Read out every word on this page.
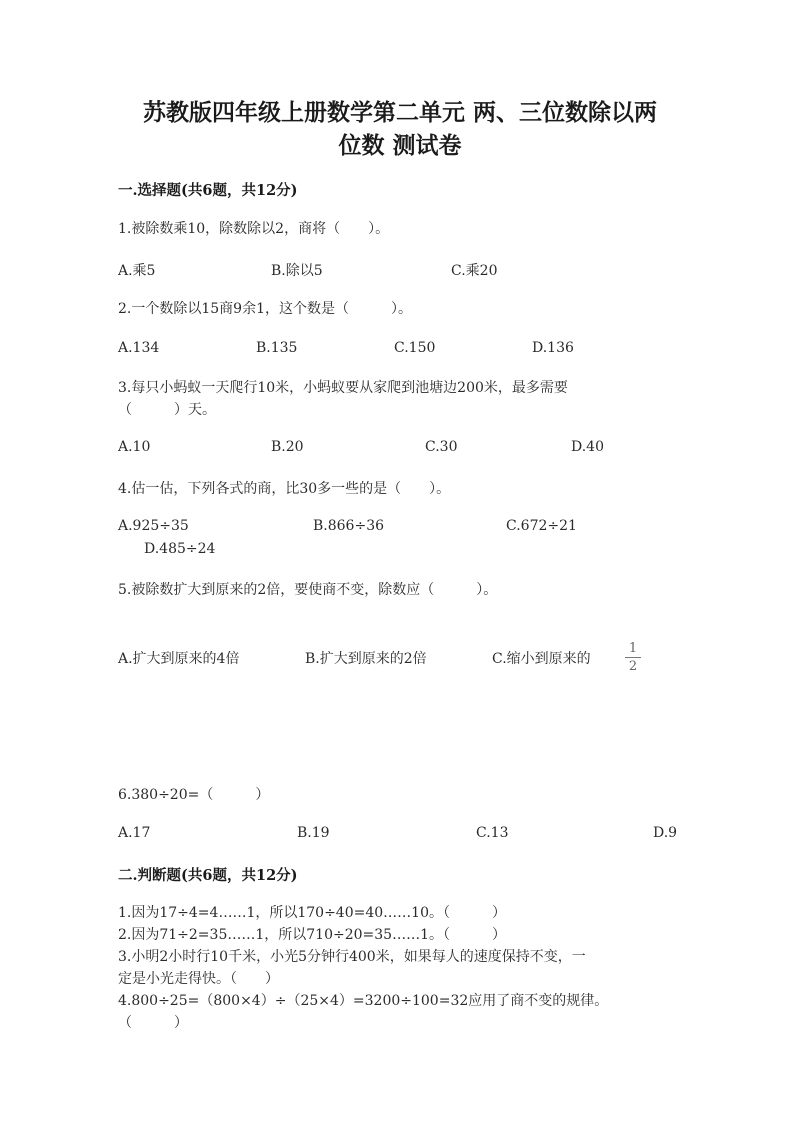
苏教版四年级上册数学第二单元 两、三位数除以两
位数 测试卷
一.选择题(共6题，共12分)
1.被除数乘10，除数除以2，商将（　　）。
A.乘5	B.除以5	C.乘20
2.一个数除以15商9余1，这个数是（　　　）。
A.134	B.135	C.150	D.136
3.每只小蚂蚁一天爬行10米，小蚂蚁要从家爬到池塘边200米，最多需要
（　　　）天。
A.10	B.20	C.30	D.40
4.估一估，下列各式的商，比30多一些的是（　　）。
A.925÷35	B.866÷36	C.672÷21
D.485÷24
5.被除数扩大到原来的2倍，要使商不变，除数应（　　　）。
A.扩大到原来的4倍	B.扩大到原来的2倍	C.缩小到原来的
1
2
6.380÷20=（　　　）
A.17	B.19	C.13	D.9
二.判断题(共6题，共12分)
1.因为17÷4=4……1，所以170÷40=40……10。（　　　）
2.因为71÷2=35……1，所以710÷20=35……1。（　　　）
3.小明2小时行10千米，小光5分钟行400米，如果每人的速度保持不变，一
定是小光走得快。（　　）
4.800÷25=（800×4）÷（25×4）=3200÷100=32应用了商不变的规律。
（　　　）
